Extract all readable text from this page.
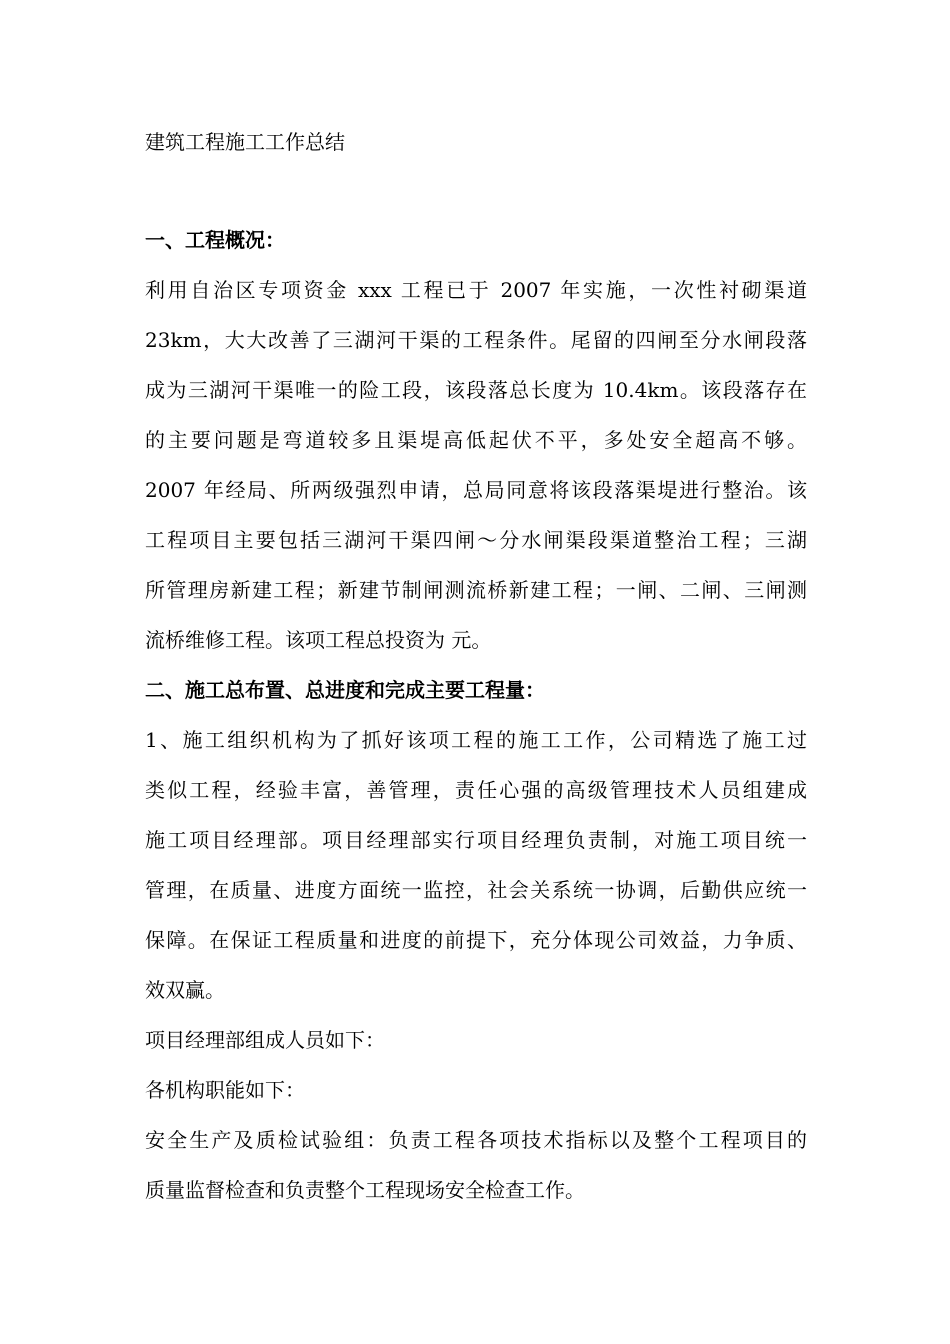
建筑工程施工工作总结
一、工程概况：
利用自治区专项资金 xxx 工程已于 2007 年实施，一次性衬砌渠道
23km，大大改善了三湖河干渠的工程条件。尾留的四闸至分水闸段落
成为三湖河干渠唯一的险工段，该段落总长度为 10.4km。该段落存在
的主要问题是弯道较多且渠堤高低起伏不平，多处安全超高不够。
2007 年经局、所两级强烈申请，总局同意将该段落渠堤进行整治。该
工程项目主要包括三湖河干渠四闸～分水闸渠段渠道整治工程；三湖
所管理房新建工程；新建节制闸测流桥新建工程；一闸、二闸、三闸测
流桥维修工程。该项工程总投资为 元。
二、施工总布置、总进度和完成主要工程量：
1、施工组织机构为了抓好该项工程的施工工作，公司精选了施工过
类似工程，经验丰富，善管理，责任心强的高级管理技术人员组建成
施工项目经理部。项目经理部实行项目经理负责制，对施工项目统一
管理，在质量、进度方面统一监控，社会关系统一协调，后勤供应统一
保障。在保证工程质量和进度的前提下，充分体现公司效益，力争质、
效双赢。
项目经理部组成人员如下：
各机构职能如下：
安全生产及质检试验组：负责工程各项技术指标以及整个工程项目的
质量监督检查和负责整个工程现场安全检查工作。
